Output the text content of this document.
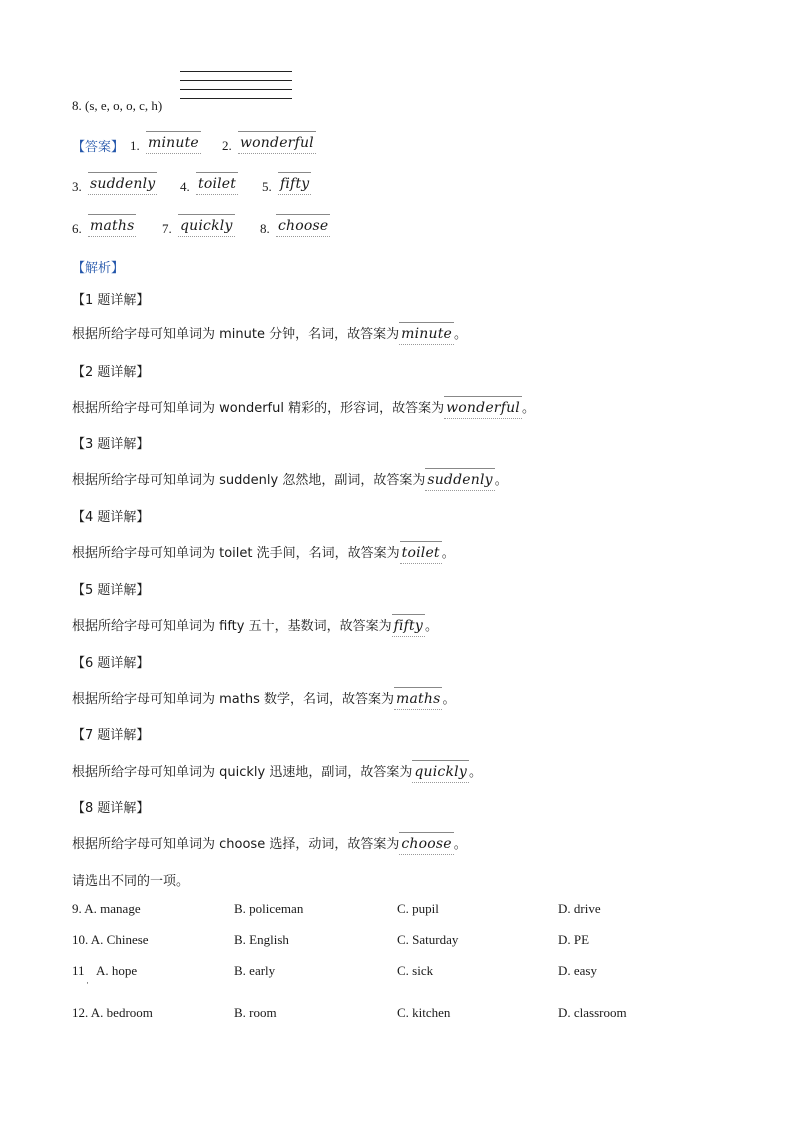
8. (s, e, o, o, c, h)
【答案】 1. minute 2. wonderful
3. suddenly 4. toilet 5. fifty
6. maths 7. quickly 8. choose
【解析】
【1 题详解】
根据所给字母可知单词为 minute 分钟，名词，故答案为 minute 。
【2 题详解】
根据所给字母可知单词为 wonderful 精彩的，形容词，故答案为 wonderful 。
【3 题详解】
根据所给字母可知单词为 suddenly 忽然地，副词，故答案为 suddenly 。
【4 题详解】
根据所给字母可知单词为 toilet 洗手间，名词，故答案为 toilet 。
【5 题详解】
根据所给字母可知单词为 fifty 五十，基数词，故答案为 fifty 。
【6 题详解】
根据所给字母可知单词为 maths 数学，名词，故答案为 maths 。
【7 题详解】
根据所给字母可知单词为 quickly 迅速地，副词，故答案为 quickly 。
【8 题详解】
根据所给字母可知单词为 choose 选择，动词，故答案为 choose 。
请选出不同的一项。
9. A. manage	B. policeman	C. pupil	D. drive
10. A. Chinese	B. English	C. Saturday	D. PE
11
·
A. hope	B. early	C. sick	D. easy
12. A. bedroom	B. room	C. kitchen	D. classroom
